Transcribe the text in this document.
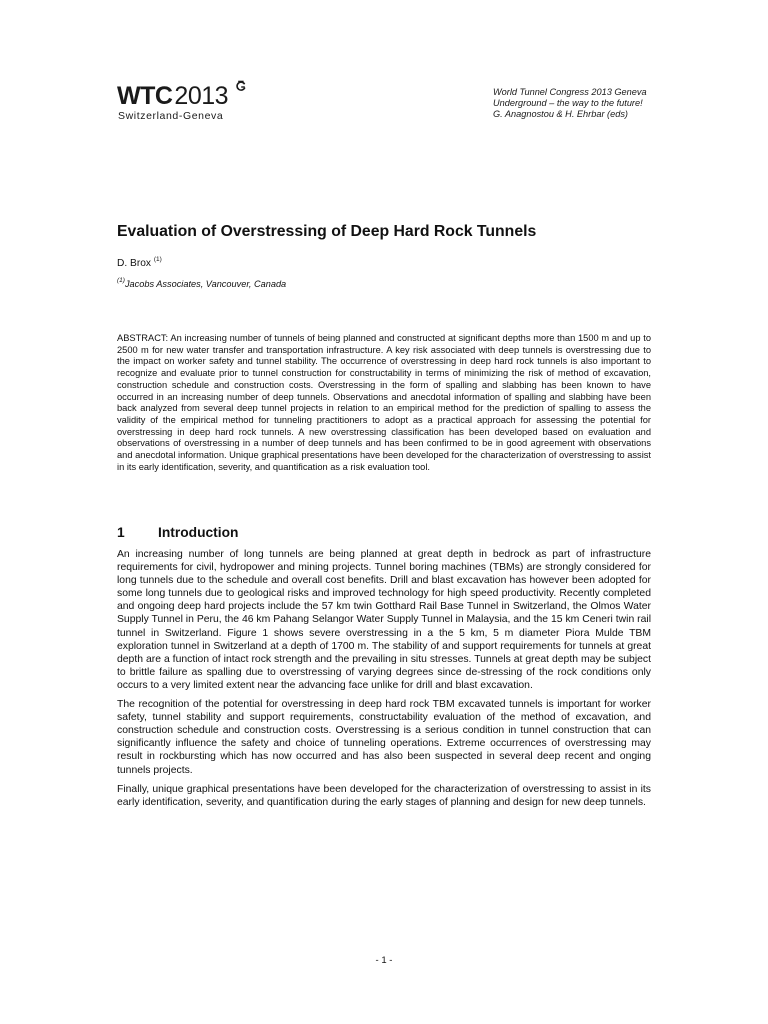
WTC2013
Switzerland-Geneva
World Tunnel Congress 2013 Geneva
Underground – the way to the future!
G. Anagnostou & H. Ehrbar (eds)
Evaluation of Overstressing of Deep Hard Rock Tunnels
D. Brox $^{(1)}$
$^{(1)}$Jacobs Associates, Vancouver, Canada

ABSTRACT: An increasing number of tunnels of being planned and constructed at significant depths more than 1500 m and up to 2500 m for new water transfer and transportation infrastructure. A key risk associated with deep tunnels is overstressing due to the impact on worker safety and tunnel stability. The occurrence of overstressing in deep hard rock tunnels is also important to recognize and evaluate prior to tunnel construction for constructability in terms of minimizing the risk of method of excavation, construction schedule and construction costs. Overstressing in the form of spalling and slabbing has been known to have occurred in an increasing number of deep tunnels. Observations and anecdotal information of spalling and slabbing have been back analyzed from several deep tunnel projects in relation to an empirical method for the prediction of spalling to assess the validity of the empirical method for tunneling practitioners to adopt as a practical approach for assessing the potential for overstressing in deep hard rock tunnels. A new overstressing classification has been developed based on evaluation and observations of overstressing in a number of deep tunnels and has been confirmed to be in good agreement with observations and anecdotal information. Unique graphical presentations have been developed for the characterization of overstressing to assist in its early identification, severity, and quantification as a risk evaluation tool.

1 Introduction

An increasing number of long tunnels are being planned at great depth in bedrock as part of infrastructure requirements for civil, hydropower and mining projects. Tunnel boring machines (TBMs) are strongly considered for long tunnels due to the schedule and overall cost benefits. Drill and blast excavation has however been adopted for some long tunnels due to geological risks and improved technology for high speed productivity. Recently completed and ongoing deep hard projects include the 57 km twin Gotthard Rail Base Tunnel in Switzerland, the Olmos Water Supply Tunnel in Peru, the 46 km Pahang Selangor Water Supply Tunnel in Malaysia, and the 15 km Ceneri twin rail tunnel in Switzerland. Figure 1 shows severe overstressing in a the 5 km, 5 m diameter Piora Mulde TBM exploration tunnel in Switzerland at a depth of 1700 m. The stability of and support requirements for tunnels at great depth are a function of intact rock strength and the prevailing in situ stresses. Tunnels at great depth may be subject to brittle failure as spalling due to overstressing of varying degrees since de-stressing of the rock conditions only occurs to a very limited extent near the advancing face unlike for drill and blast excavation.

The recognition of the potential for overstressing in deep hard rock TBM excavated tunnels is important for worker safety, tunnel stability and support requirements, constructability evaluation of the method of excavation, and construction schedule and construction costs. Overstressing is a serious condition in tunnel construction that can significantly influence the safety and choice of tunneling operations. Extreme occurrences of overstressing may result in rockbursting which has now occurred and has also been suspected in several deep recent and onging tunnels projects.

Finally, unique graphical presentations have been developed for the characterization of overstressing to assist in its early identification, severity, and quantification during the early stages of planning and design for new deep tunnels.

- 1 -
